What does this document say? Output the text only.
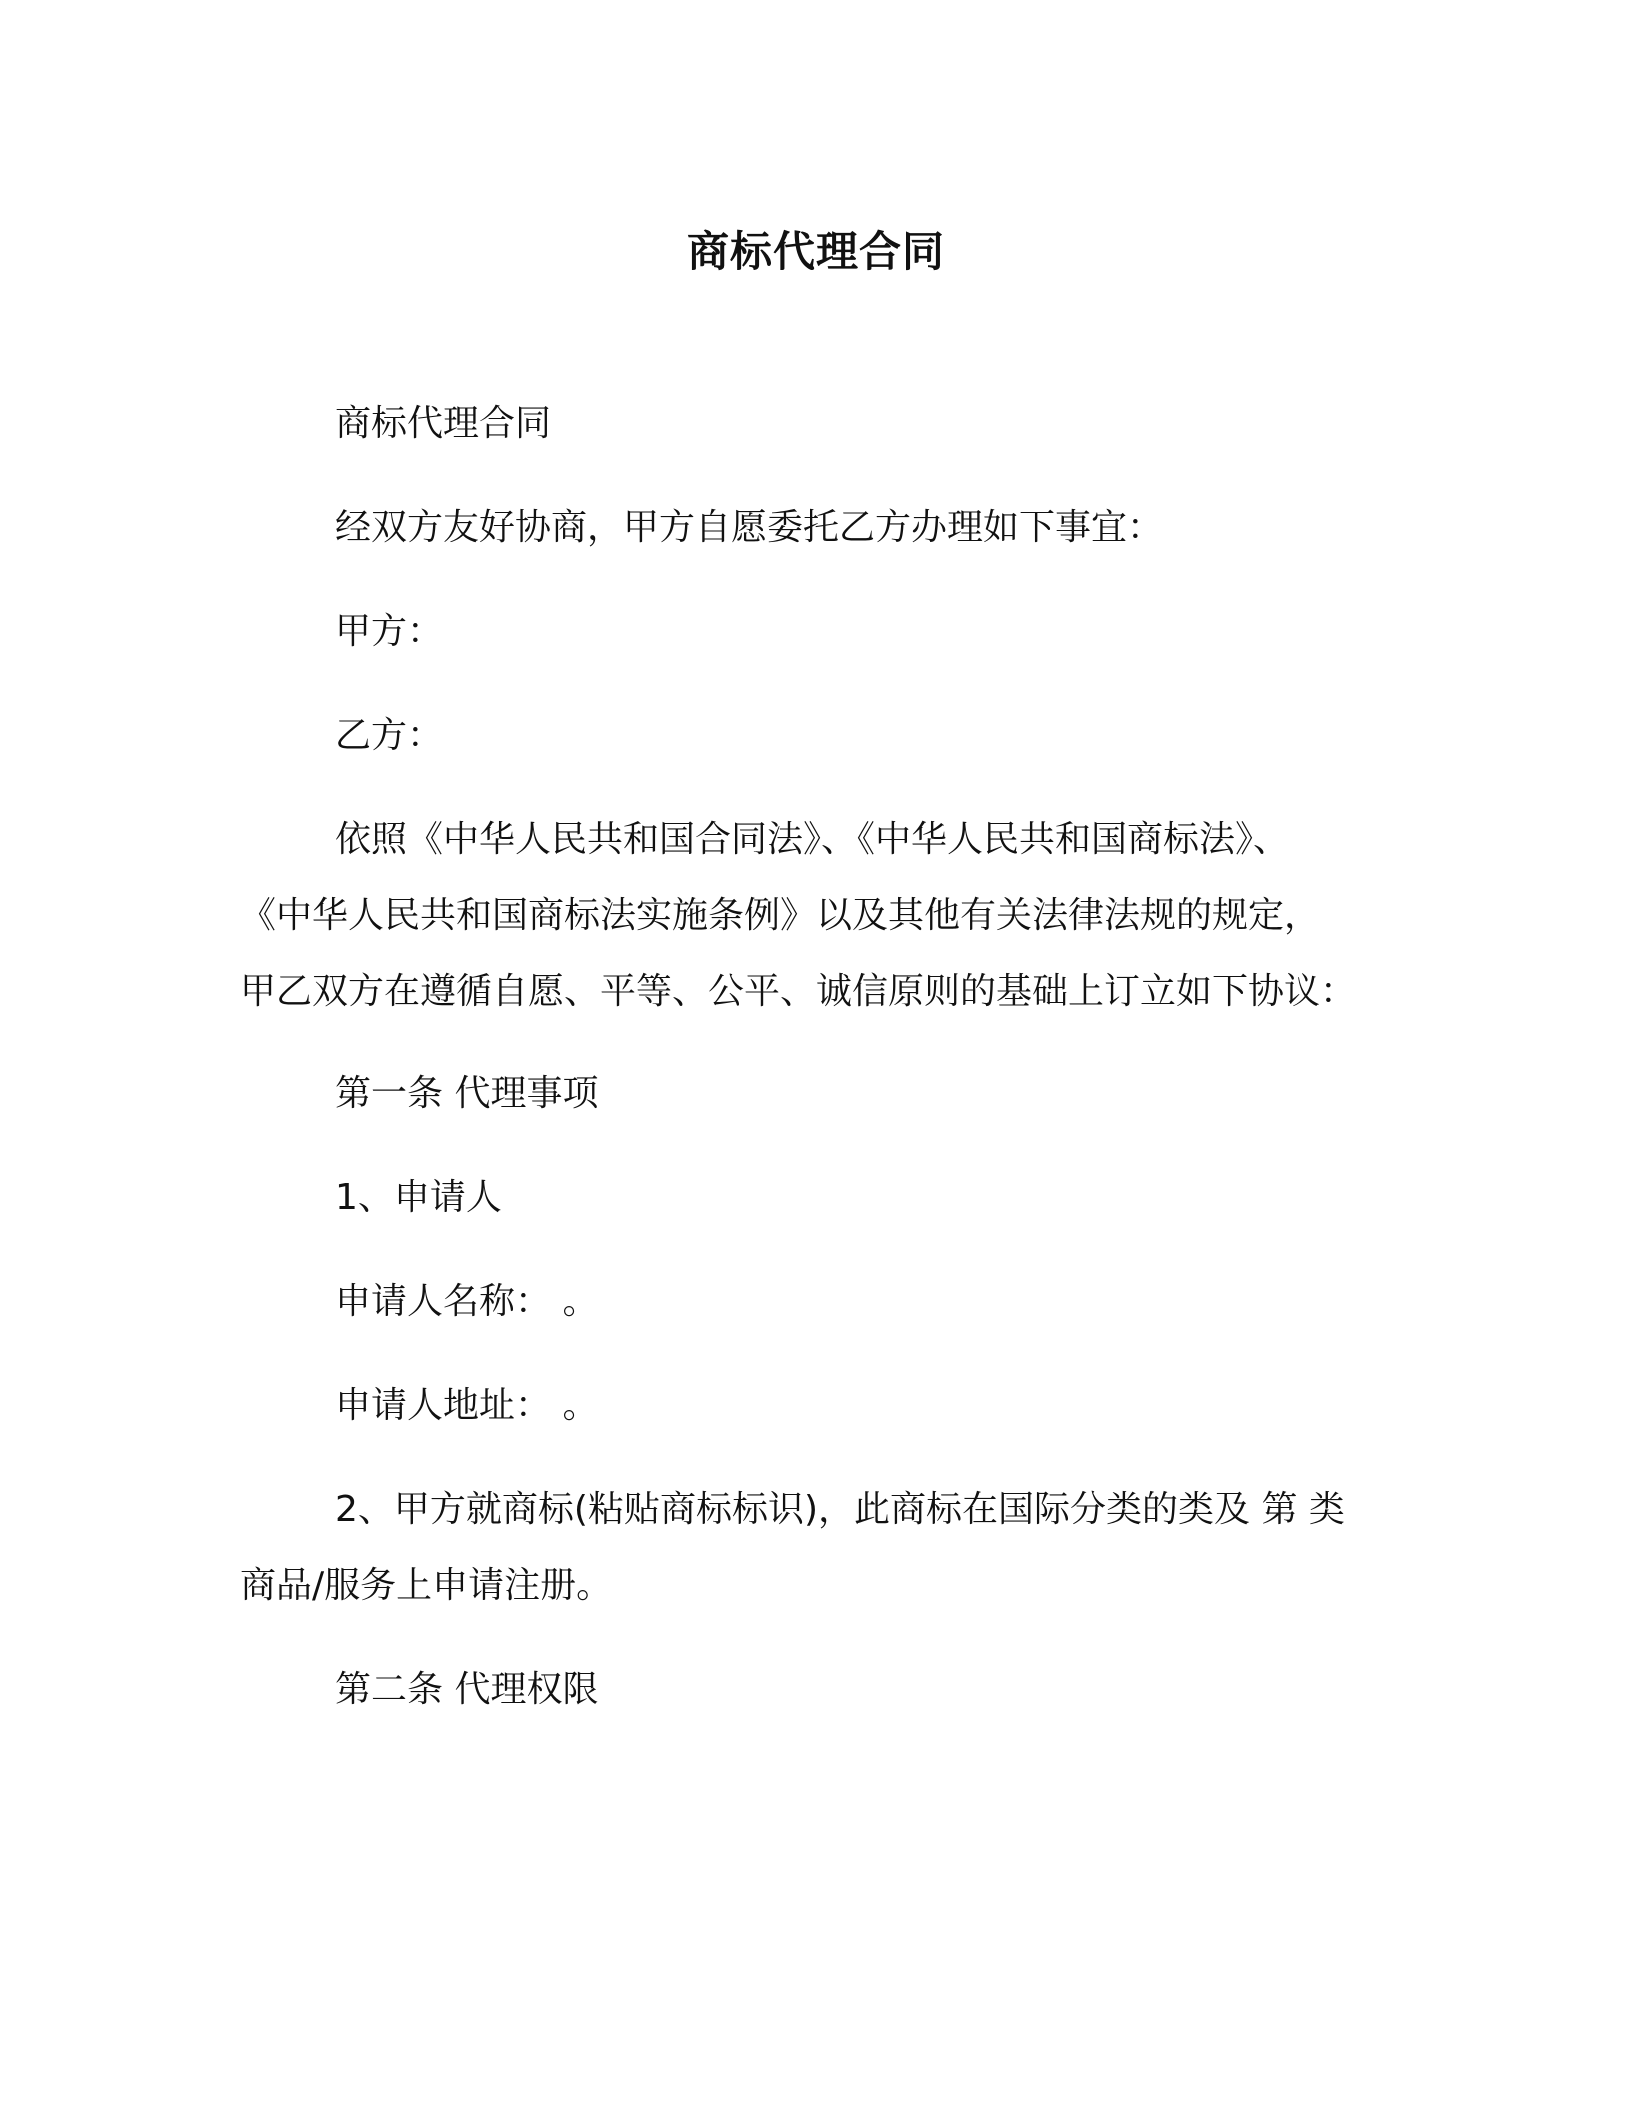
商标代理合同

商标代理合同

经双方友好协商，甲方自愿委托乙方办理如下事宜：

甲方：

乙方：

依照《中华人民共和国合同法》、《中华人民共和国商标法》、
《中华人民共和国商标法实施条例》以及其他有关法律法规的规定，
甲乙双方在遵循自愿、平等、公平、诚信原则的基础上订立如下协议：

第一条 代理事项

1、申请人

申请人名称： 。

申请人地址： 。

2、甲方就商标(粘贴商标标识)，此商标在国际分类的类及 第 类
商品/服务上申请注册。

第二条 代理权限
